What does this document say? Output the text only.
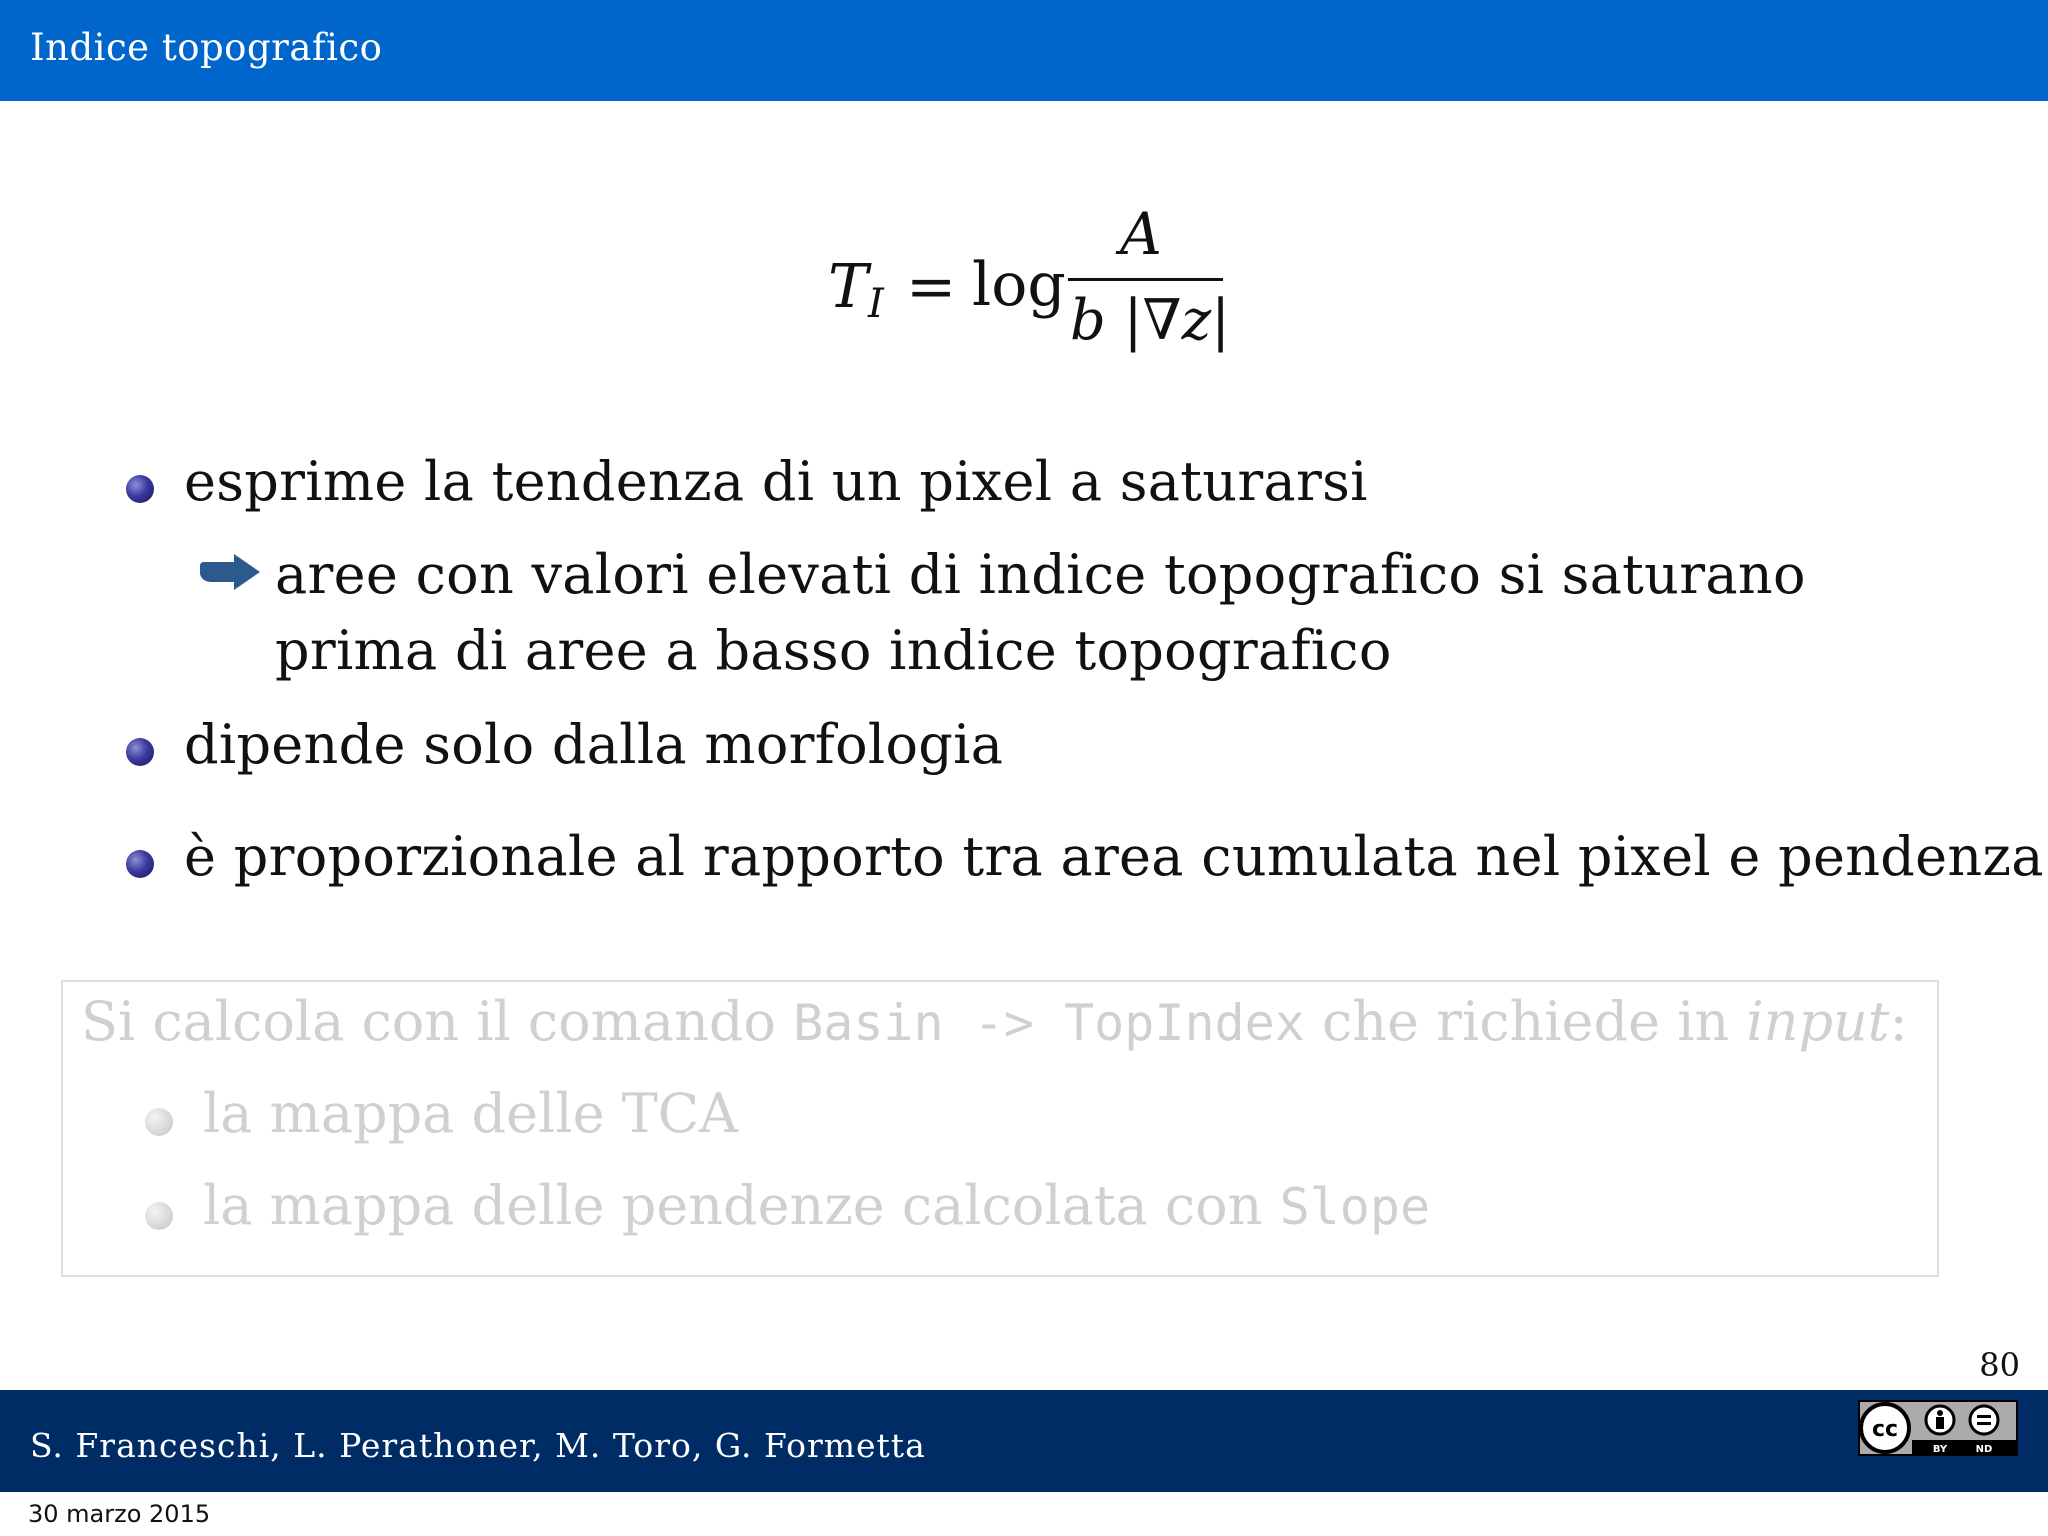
Indice topografico
$T_I = \log$
A
b |∇z|
esprime la tendenza di un pixel a saturarsi
aree con valori elevati di indice topografico si saturano
prima di aree a basso indice topografico
dipende solo dalla morfologia
è proporzionale al rapporto tra area cumulata nel pixel e pendenza
Si calcola con il comando Basin -> TopIndex che richiede in input:
la mappa delle TCA
la mappa delle pendenze calcolata con Slope
80
S. Franceschi, L. Perathoner, M. Toro, G. Formetta	cc
BY	ND
30 marzo 2015
